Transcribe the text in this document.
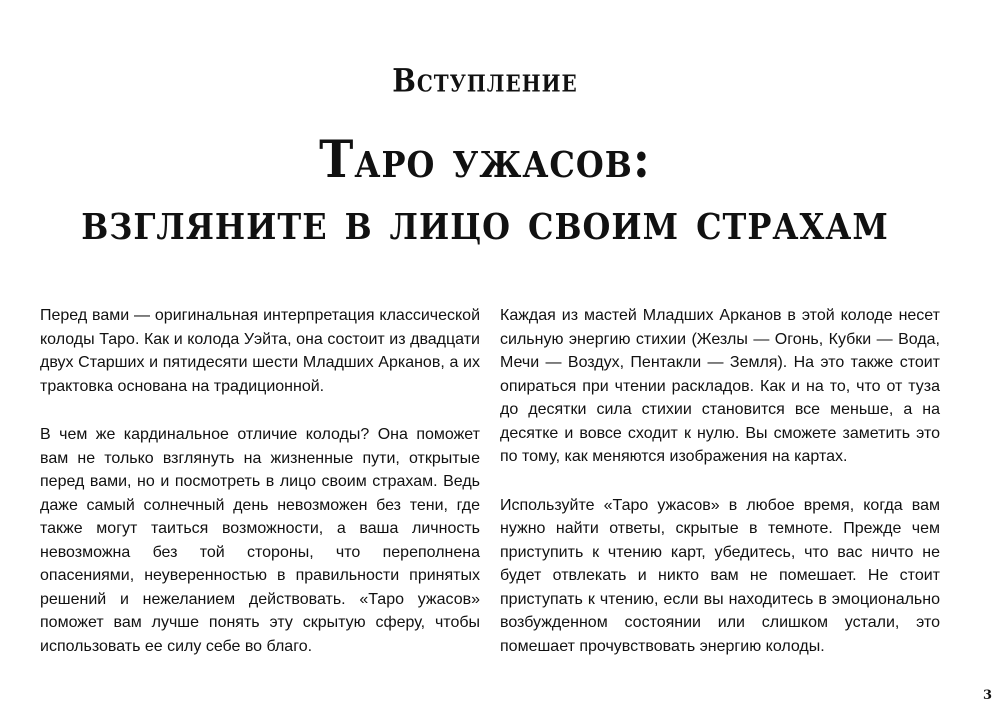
Вступление
Таро ужасов:
взгляните в лицо своим страхам

Перед вами — оригинальная интерпретация классической колоды Таро. Как и колода Уэйта, она состоит из двадцати двух Старших и пятидесяти шести Младших Арканов, а их трактовка основана на традиционной.

В чем же кардинальное отличие колоды? Она поможет вам не только взглянуть на жизненные пути, открытые перед вами, но и посмотреть в лицо своим страхам. Ведь даже самый солнечный день невозможен без тени, где также могут таиться возможности, а ваша личность невозможна без той стороны, что переполнена опасениями, неуверенностью в правильности принятых решений и нежеланием действовать. «Таро ужасов» поможет вам лучше понять эту скрытую сферу, чтобы использовать ее силу себе во благо.

Каждая из мастей Младших Арканов в этой колоде несет сильную энергию стихии (Жезлы — Огонь, Кубки — Вода, Мечи — Воздух, Пентакли — Земля). На это также стоит опираться при чтении раскладов. Как и на то, что от туза до десятки сила стихии становится все меньше, а на десятке и вовсе сходит к нулю. Вы сможете заметить это по тому, как меняются изображения на картах.

Используйте «Таро ужасов» в любое время, когда вам нужно найти ответы, скрытые в темноте. Прежде чем приступить к чтению карт, убедитесь, что вас ничто не будет отвлекать и никто вам не помешает. Не стоит приступать к чтению, если вы находитесь в эмоционально возбужденном состоянии или слишком устали, это помешает прочувствовать энергию колоды.

3
